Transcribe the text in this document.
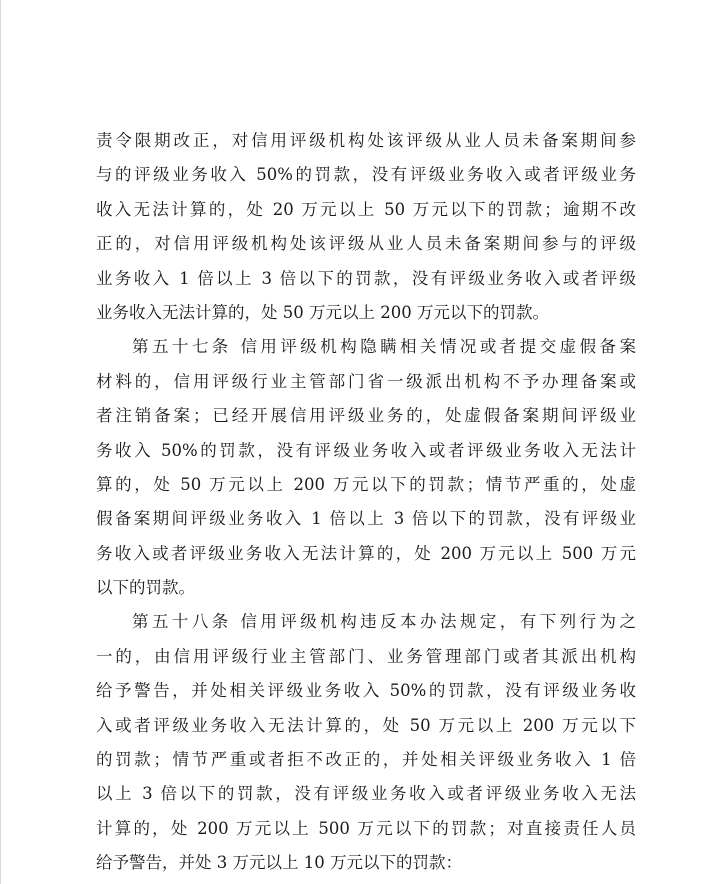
责令限期改正，对信用评级机构处该评级从业人员未备案期间参
与的评级业务收入 50%的罚款，没有评级业务收入或者评级业务
收入无法计算的，处 20 万元以上 50 万元以下的罚款；逾期不改
正的，对信用评级机构处该评级从业人员未备案期间参与的评级
业务收入 1 倍以上 3 倍以下的罚款，没有评级业务收入或者评级
业务收入无法计算的，处 50 万元以上 200 万元以下的罚款。
第五十七条 信用评级机构隐瞒相关情况或者提交虚假备案
材料的，信用评级行业主管部门省一级派出机构不予办理备案或
者注销备案；已经开展信用评级业务的，处虚假备案期间评级业
务收入 50%的罚款，没有评级业务收入或者评级业务收入无法计
算的，处 50 万元以上 200 万元以下的罚款；情节严重的，处虚
假备案期间评级业务收入 1 倍以上 3 倍以下的罚款，没有评级业
务收入或者评级业务收入无法计算的，处 200 万元以上 500 万元
以下的罚款。
第五十八条 信用评级机构违反本办法规定，有下列行为之
一的，由信用评级行业主管部门、业务管理部门或者其派出机构
给予警告，并处相关评级业务收入 50%的罚款，没有评级业务收
入或者评级业务收入无法计算的，处 50 万元以上 200 万元以下
的罚款；情节严重或者拒不改正的，并处相关评级业务收入 1 倍
以上 3 倍以下的罚款，没有评级业务收入或者评级业务收入无法
计算的，处 200 万元以上 500 万元以下的罚款；对直接责任人员
给予警告，并处 3 万元以上 10 万元以下的罚款：
